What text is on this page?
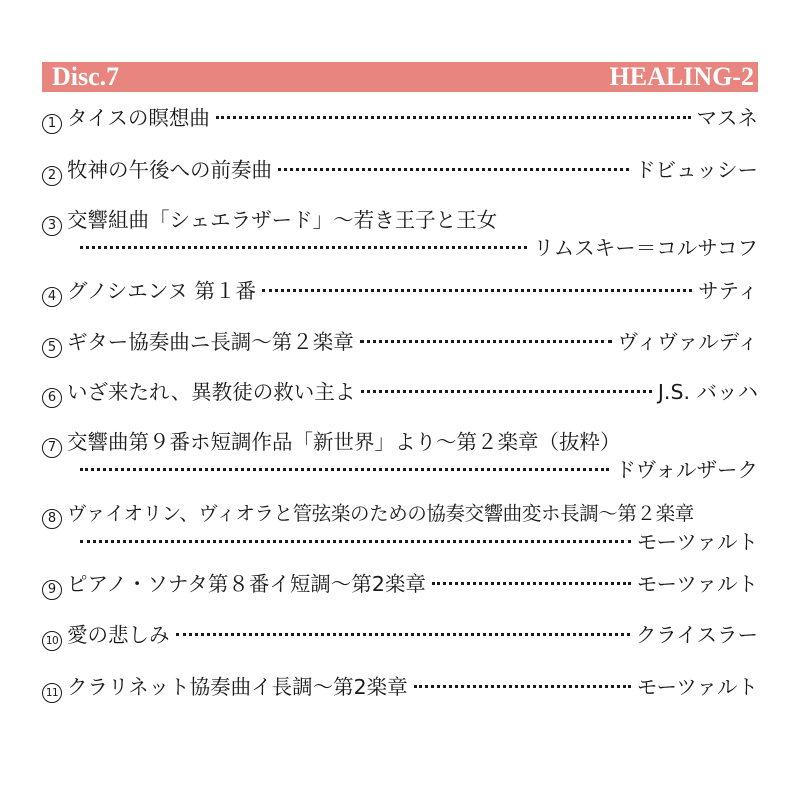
Disc.7	HEALING-2
1 タイスの瞑想曲	マスネ
2 牧神の午後への前奏曲	ドビュッシー
3 交響組曲「シェエラザード」〜若き王子と王女
リムスキー＝コルサコフ
4 グノシエンヌ 第１番	サティ
5 ギター協奏曲ニ長調〜第２楽章	ヴィヴァルディ
6 いざ来たれ、異教徒の救い主よ	J.S. バッハ
7 交響曲第９番ホ短調作品「新世界」より〜第２楽章（抜粋）
ドヴォルザーク
8 ヴァイオリン、ヴィオラと管弦楽のための協奏交響曲変ホ長調〜第２楽章
モーツァルト
9 ピアノ・ソナタ第８番イ短調〜第2楽章	モーツァルト
10 愛の悲しみ	クライスラー
11 クラリネット協奏曲イ長調〜第2楽章	モーツァルト
